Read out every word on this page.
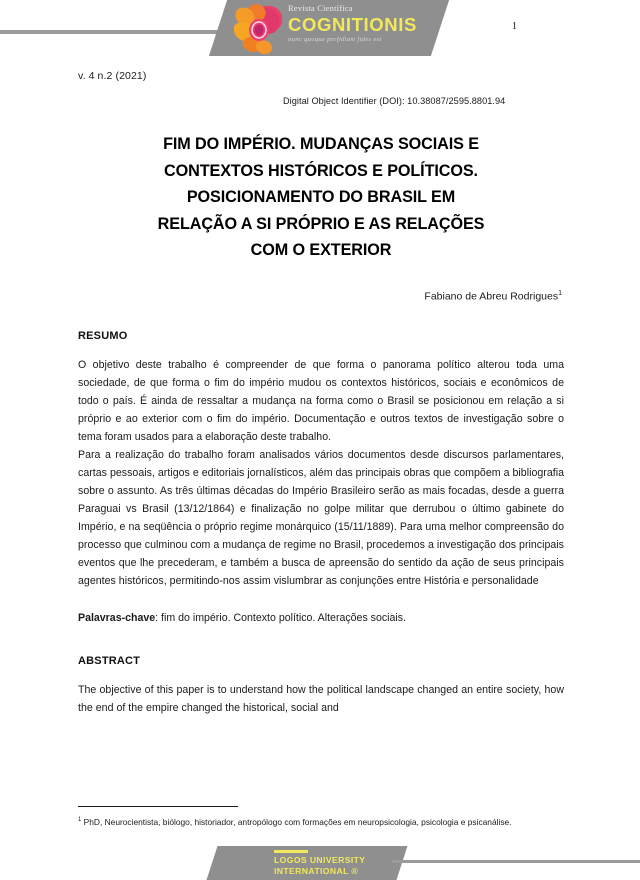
Revista Científica
COGNITIONIS
nunc quoque perfidiam fides est
1
v. 4 n.2 (2021)
Digital Object Identifier (DOI): 10.38087/2595.8801.94
FIM DO IMPÉRIO. MUDANÇAS SOCIAIS E
CONTEXTOS HISTÓRICOS E POLÍTICOS.
POSICIONAMENTO DO BRASIL EM
RELAÇÃO A SI PRÓPRIO E AS RELAÇÕES
COM O EXTERIOR
Fabiano de Abreu Rodrigues$^1$
RESUMO
O objetivo deste trabalho é compreender de que forma o panorama político alterou toda uma sociedade, de que forma o fim do império mudou os contextos históricos, sociais e econômicos de todo o país. É ainda de ressaltar a mudança na forma como o Brasil se posicionou em relação a si próprio e ao exterior com o fim do império. Documentação e outros textos de investigação sobre o tema foram usados para a elaboração deste trabalho.
Para a realização do trabalho foram analisados vários documentos desde discursos parlamentares, cartas pessoais, artigos e editoriais jornalísticos, além das principais obras que compõem a bibliografia sobre o assunto. As três últimas décadas do Império Brasileiro serão as mais focadas, desde a guerra Paraguai vs Brasil (13/12/1864) e finalização no golpe militar que derrubou o último gabinete do Império, e na seqüência o próprio regime monárquico (15/11/1889). Para uma melhor compreensão do processo que culminou com a mudança de regime no Brasil, procedemos a investigação dos principais eventos que lhe precederam, e também a busca de apreensão do sentido da ação de seus principais agentes históricos, permitindo-nos assim vislumbrar as conjunções entre História e personalidade
Palavras-chave: fim do império. Contexto político. Alterações sociais.
ABSTRACT
The objective of this paper is to understand how the political landscape changed an entire society, how the end of the empire changed the historical, social and
$^1$ PhD, Neurocientista, biólogo, historiador, antropólogo com formações em neuropsicologia, psicologia e psicanálise.
LOGOS UNIVERSITY
INTERNATIONAL ®
